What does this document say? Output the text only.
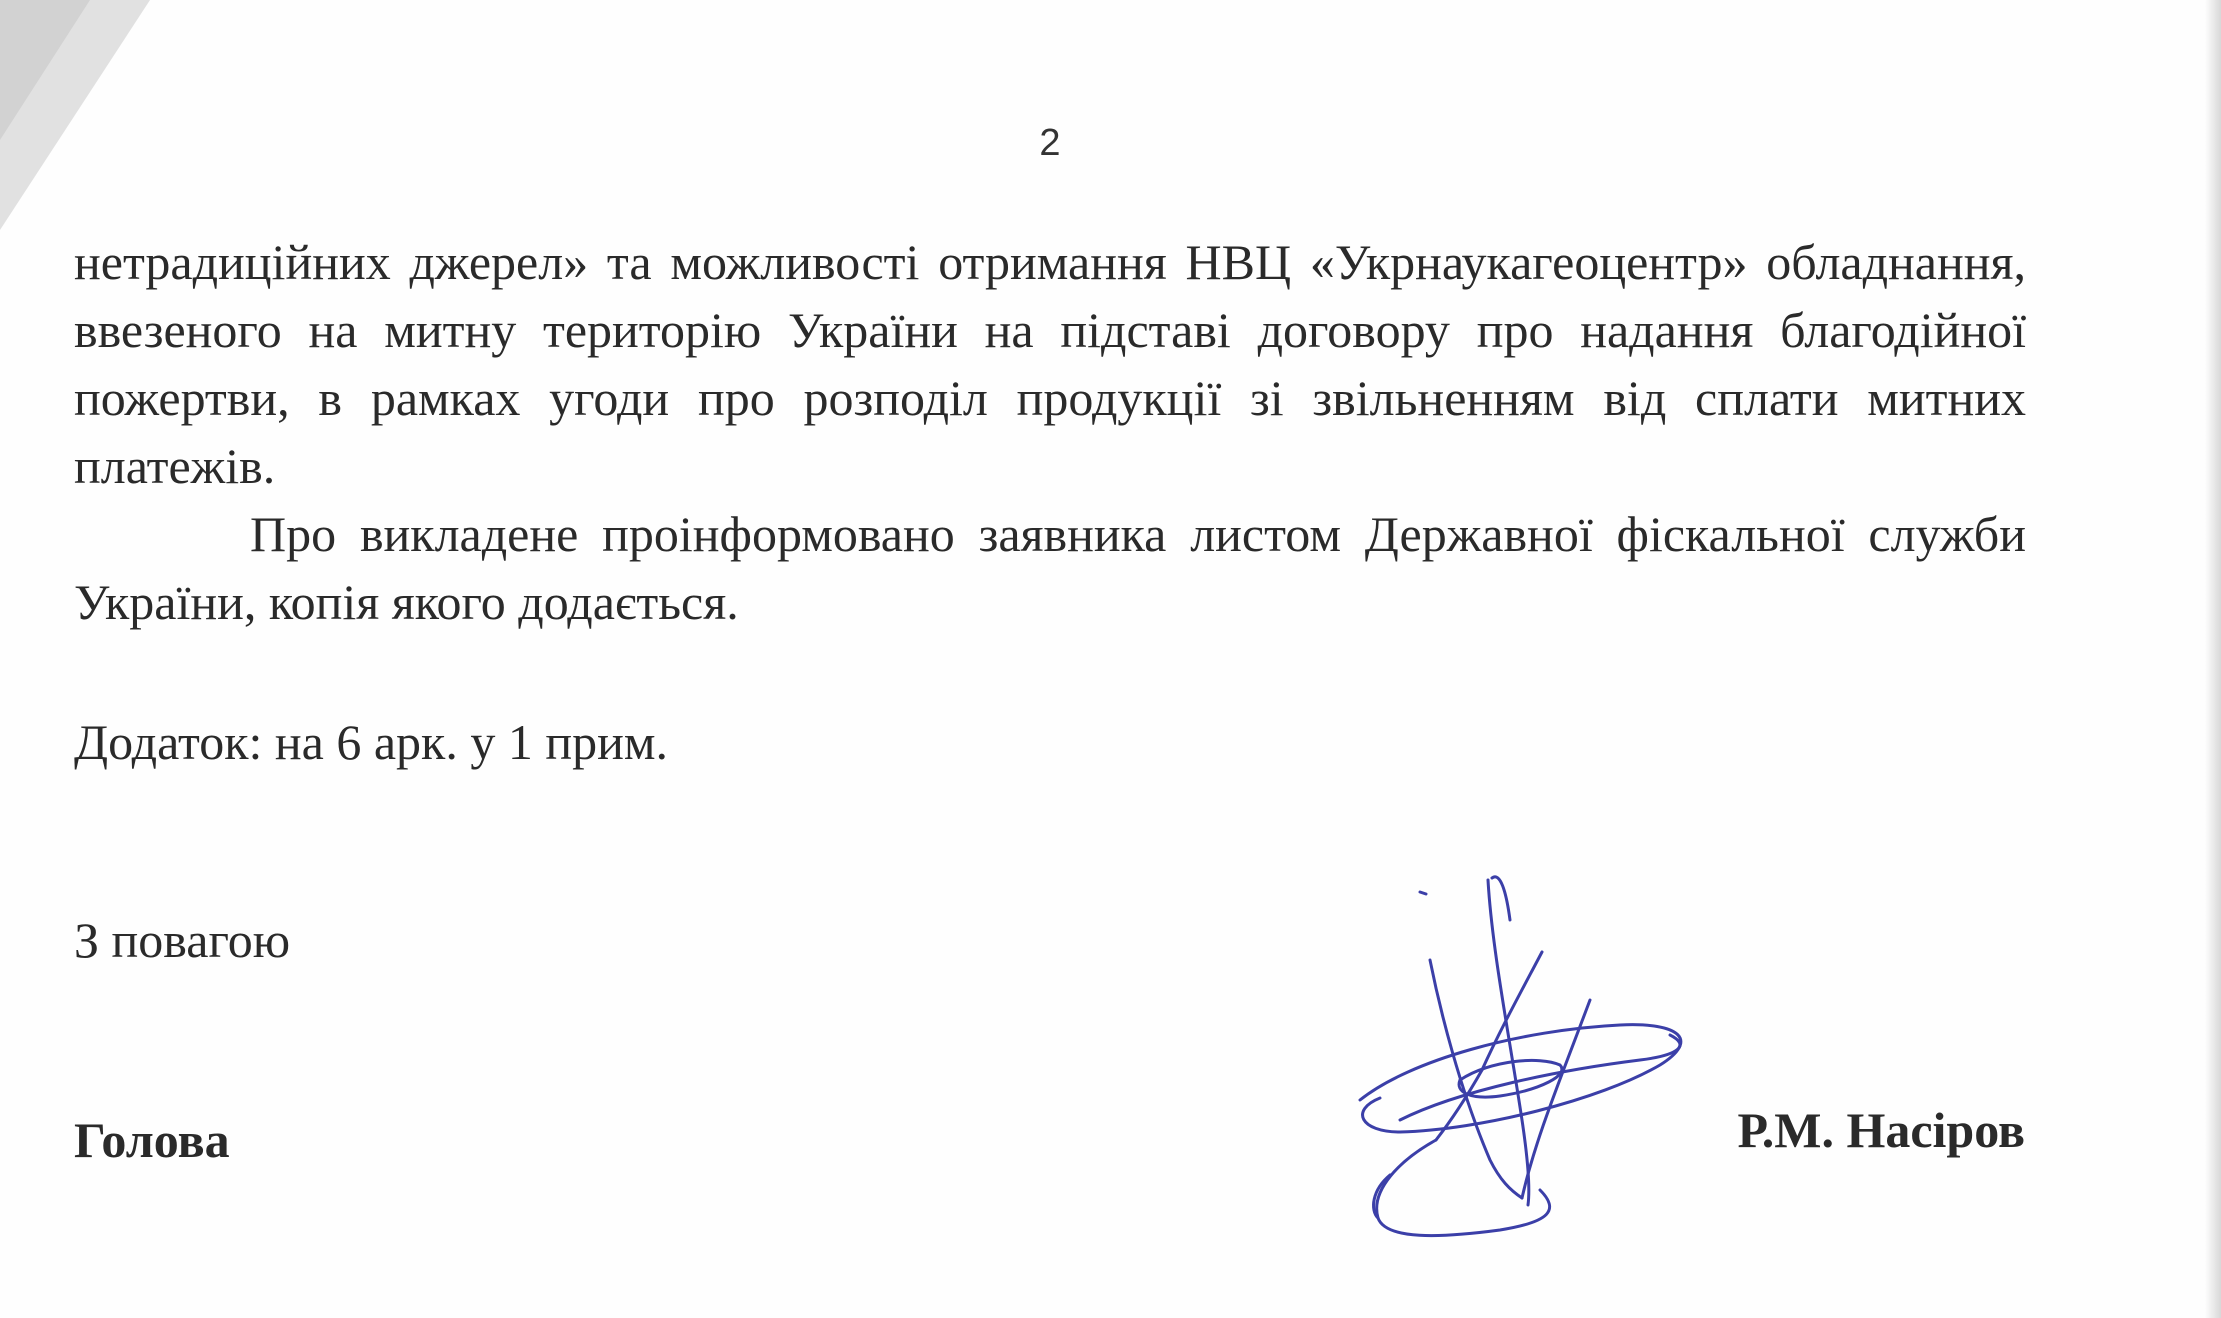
2

нетрадиційних джерел» та можливості отримання НВЦ «Укрнаукагеоцентр» обладнання, ввезеного на митну територію України на підставі договору про надання благодійної пожертви, в рамках угоди про розподіл продукції зі звільненням від сплати митних платежів.

Про викладене проінформовано заявника листом Державної фіскальної служби України, копія якого додається.

Додаток: на 6 арк. у 1 прим.
З повагою
Голова	Р.М. Насіров
